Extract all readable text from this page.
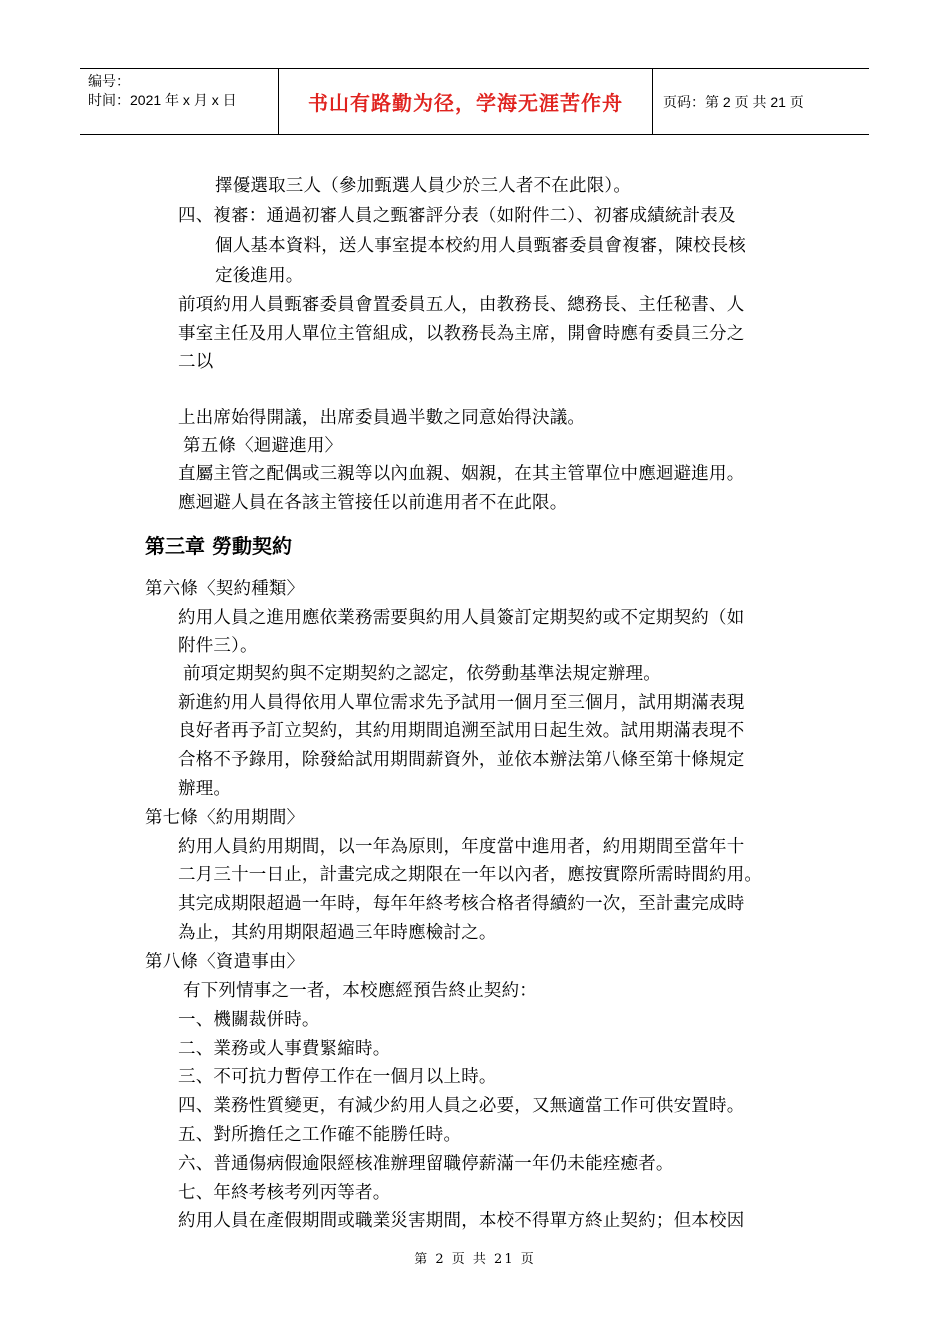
编号：
时间：2021 年 x 月 x 日	书山有路勤为径，学海无涯苦作舟	页码：第 2 页 共 21 页
擇優選取三人（參加甄選人員少於三人者不在此限）。
四、複審：通過初審人員之甄審評分表（如附件二）、初審成績統計表及
個人基本資料，送人事室提本校約用人員甄審委員會複審，陳校長核
定後進用。
前項約用人員甄審委員會置委員五人，由教務長、總務長、主任秘書、人
事室主任及用人單位主管組成，以教務長為主席，開會時應有委員三分之
二以
上出席始得開議，出席委員過半數之同意始得決議。
第五條〈迴避進用〉
直屬主管之配偶或三親等以內血親、姻親，在其主管單位中應迴避進用。
應迴避人員在各該主管接任以前進用者不在此限。
第三章 勞動契約
第六條〈契約種類〉
約用人員之進用應依業務需要與約用人員簽訂定期契約或不定期契約（如
附件三）。
前項定期契約與不定期契約之認定，依勞動基準法規定辦理。
新進約用人員得依用人單位需求先予試用一個月至三個月，試用期滿表現
良好者再予訂立契約，其約用期間追溯至試用日起生效。試用期滿表現不
合格不予錄用，除發給試用期間薪資外，並依本辦法第八條至第十條規定
辦理。
第七條〈約用期間〉
約用人員約用期間，以一年為原則，年度當中進用者，約用期間至當年十
二月三十一日止，計畫完成之期限在一年以內者，應按實際所需時間約用。
其完成期限超過一年時，每年年終考核合格者得續約一次，至計畫完成時
為止，其約用期限超過三年時應檢討之。
第八條〈資遣事由〉
有下列情事之一者，本校應經預告終止契約：
一、機關裁併時。
二、業務或人事費緊縮時。
三、不可抗力暫停工作在一個月以上時。
四、業務性質變更，有減少約用人員之必要，又無適當工作可供安置時。
五、對所擔任之工作確不能勝任時。
六、普通傷病假逾限經核准辦理留職停薪滿一年仍未能痊癒者。
七、年終考核考列丙等者。
約用人員在產假期間或職業災害期間，本校不得單方終止契約；但本校因
第 2 页 共 21 页
